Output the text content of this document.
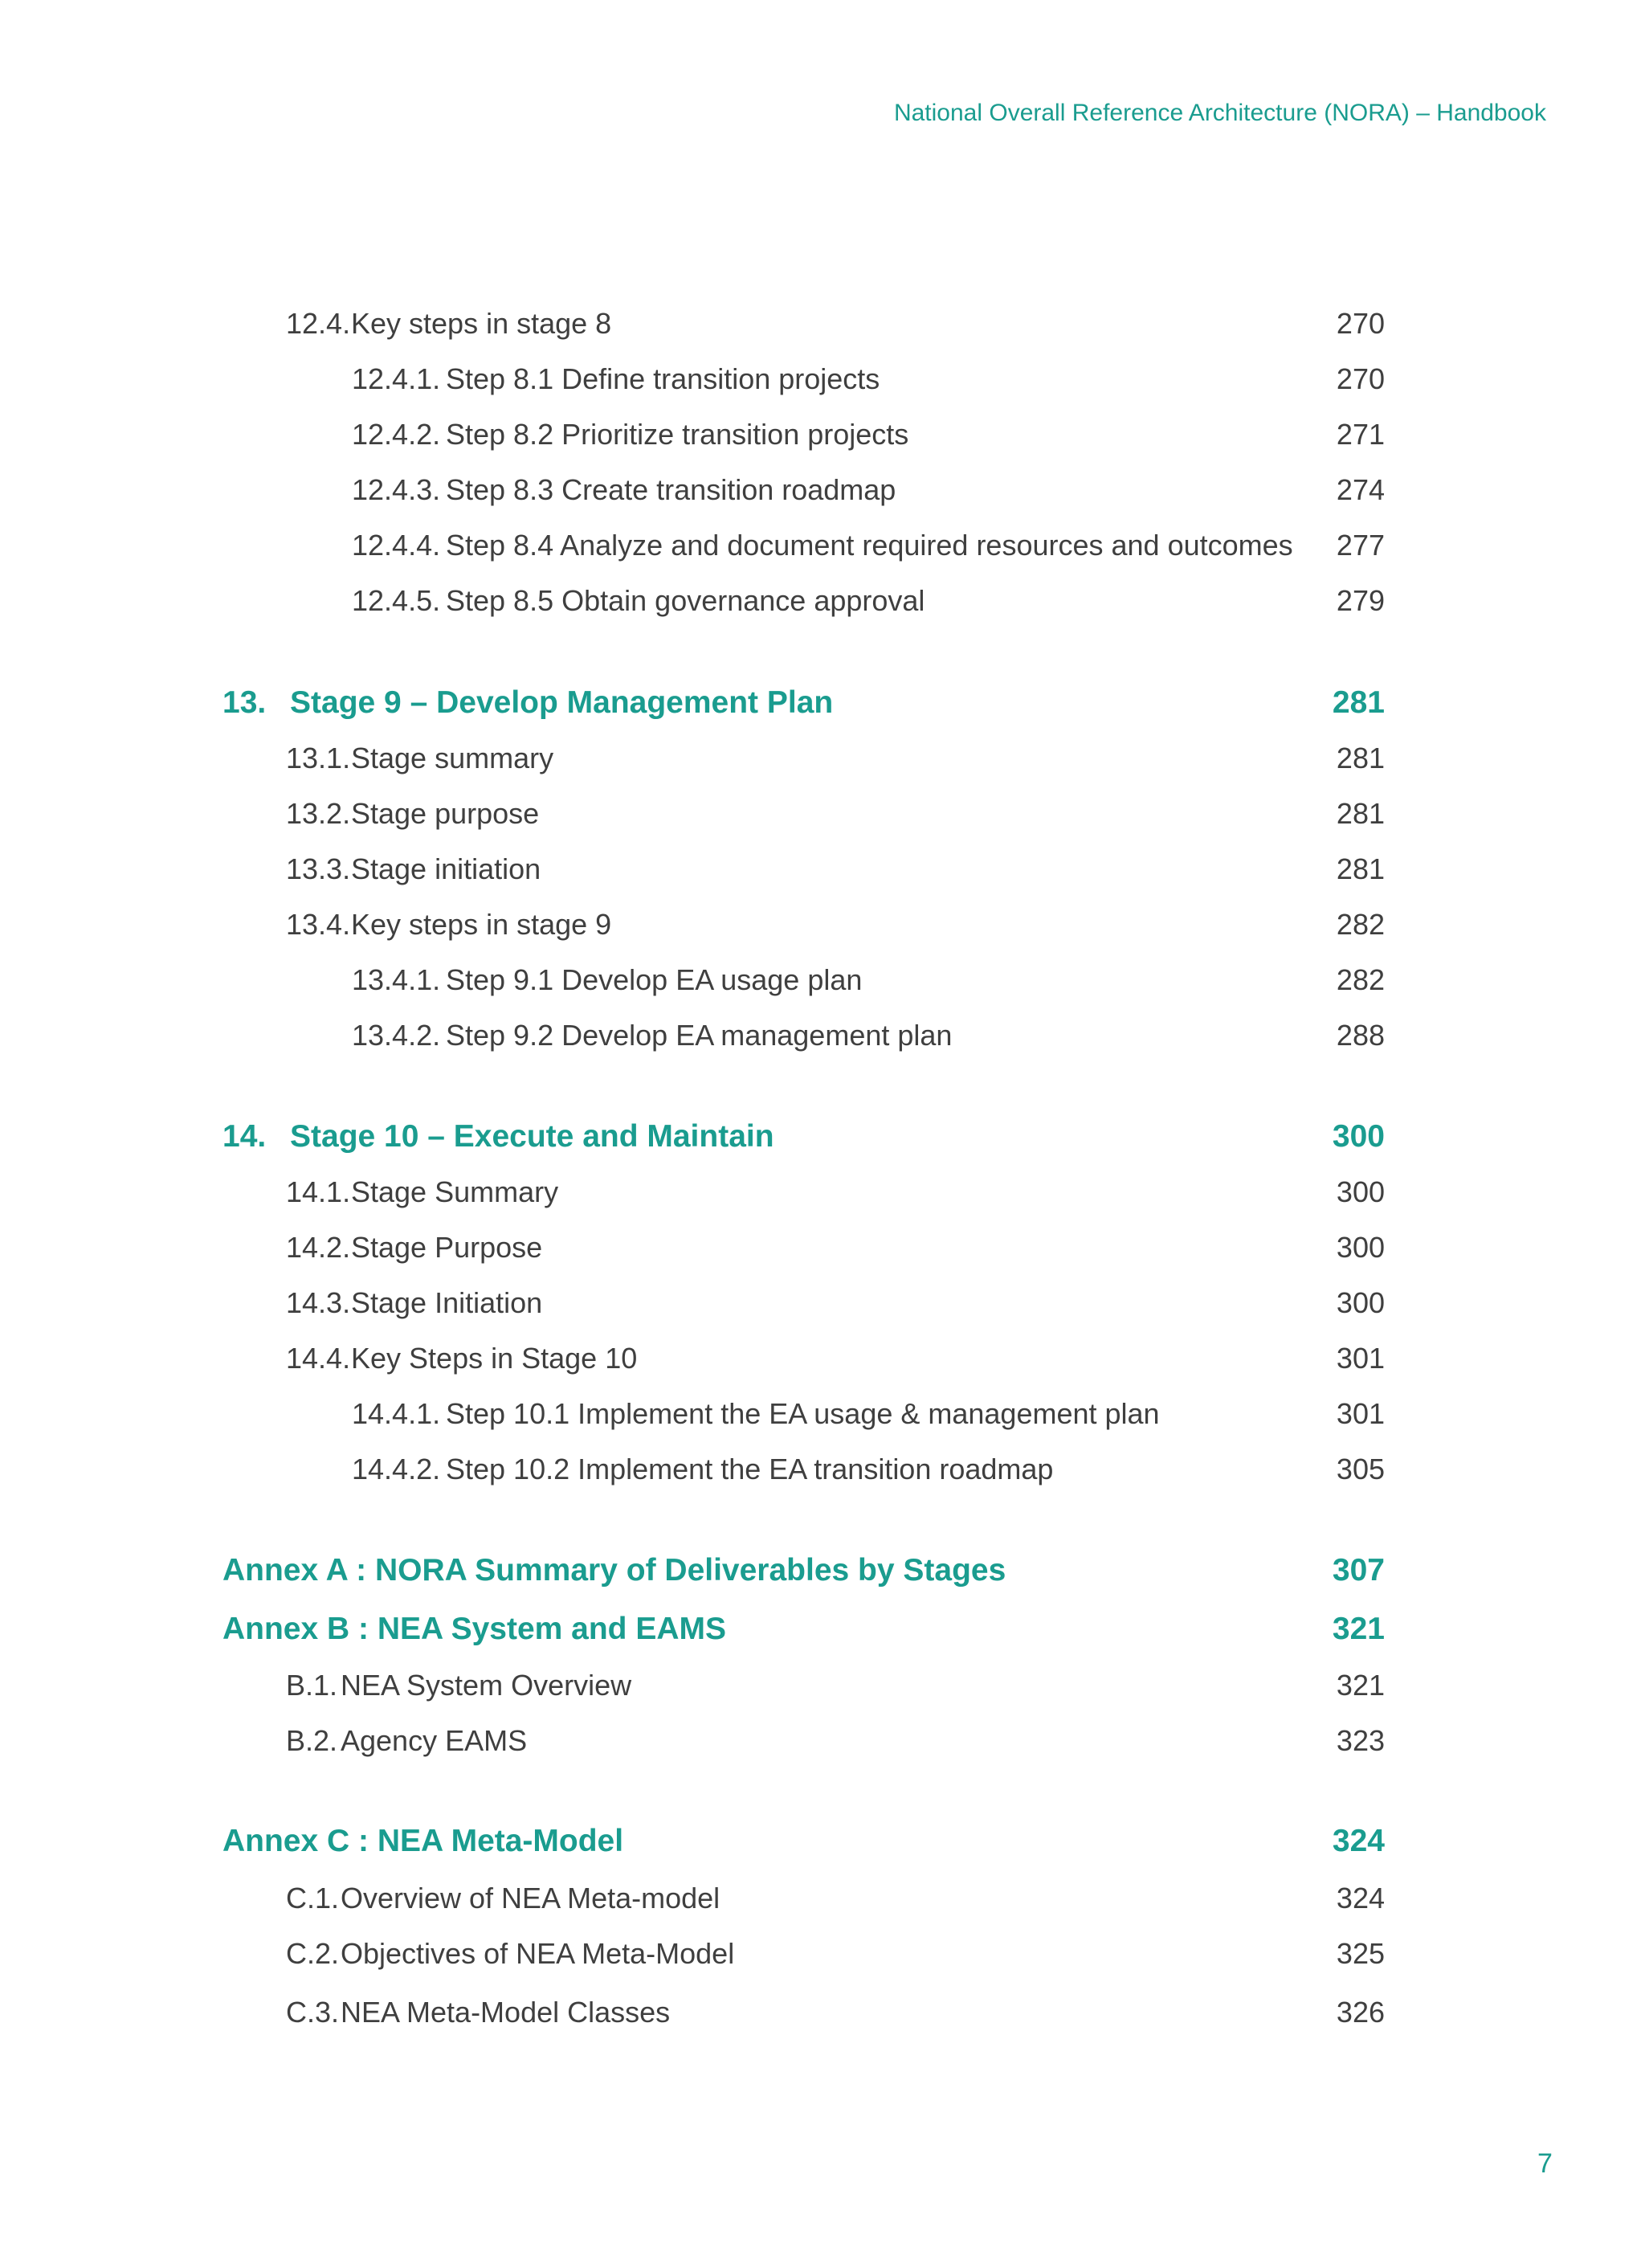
National Overall Reference Architecture (NORA) – Handbook
12.4. Key steps in stage 8	270
12.4.1. Step 8.1 Define transition projects	270
12.4.2. Step 8.2 Prioritize transition projects	271
12.4.3. Step 8.3 Create transition roadmap	274
12.4.4. Step 8.4 Analyze and document required resources and outcomes 277
12.4.5. Step 8.5 Obtain governance approval	279
13. Stage 9 – Develop Management Plan	281
13.1. Stage summary	281
13.2. Stage purpose	281
13.3. Stage initiation	281
13.4. Key steps in stage 9	282
13.4.1. Step 9.1 Develop EA usage plan	282
13.4.2. Step 9.2 Develop EA management plan	288
14. Stage 10 – Execute and Maintain	300
14.1. Stage Summary	300
14.2. Stage Purpose	300
14.3. Stage Initiation	300
14.4. Key Steps in Stage 10	301
14.4.1. Step 10.1 Implement the EA usage & management plan	301
14.4.2. Step 10.2 Implement the EA transition roadmap	305
Annex A : NORA Summary of Deliverables by Stages	307
Annex B : NEA System and EAMS	321
B.1. NEA System Overview	321
B.2. Agency EAMS	323
Annex C : NEA Meta-Model	324
C.1. Overview of NEA Meta-model	324
C.2. Objectives of NEA Meta-Model	325
C.3. NEA Meta-Model Classes	326
7
